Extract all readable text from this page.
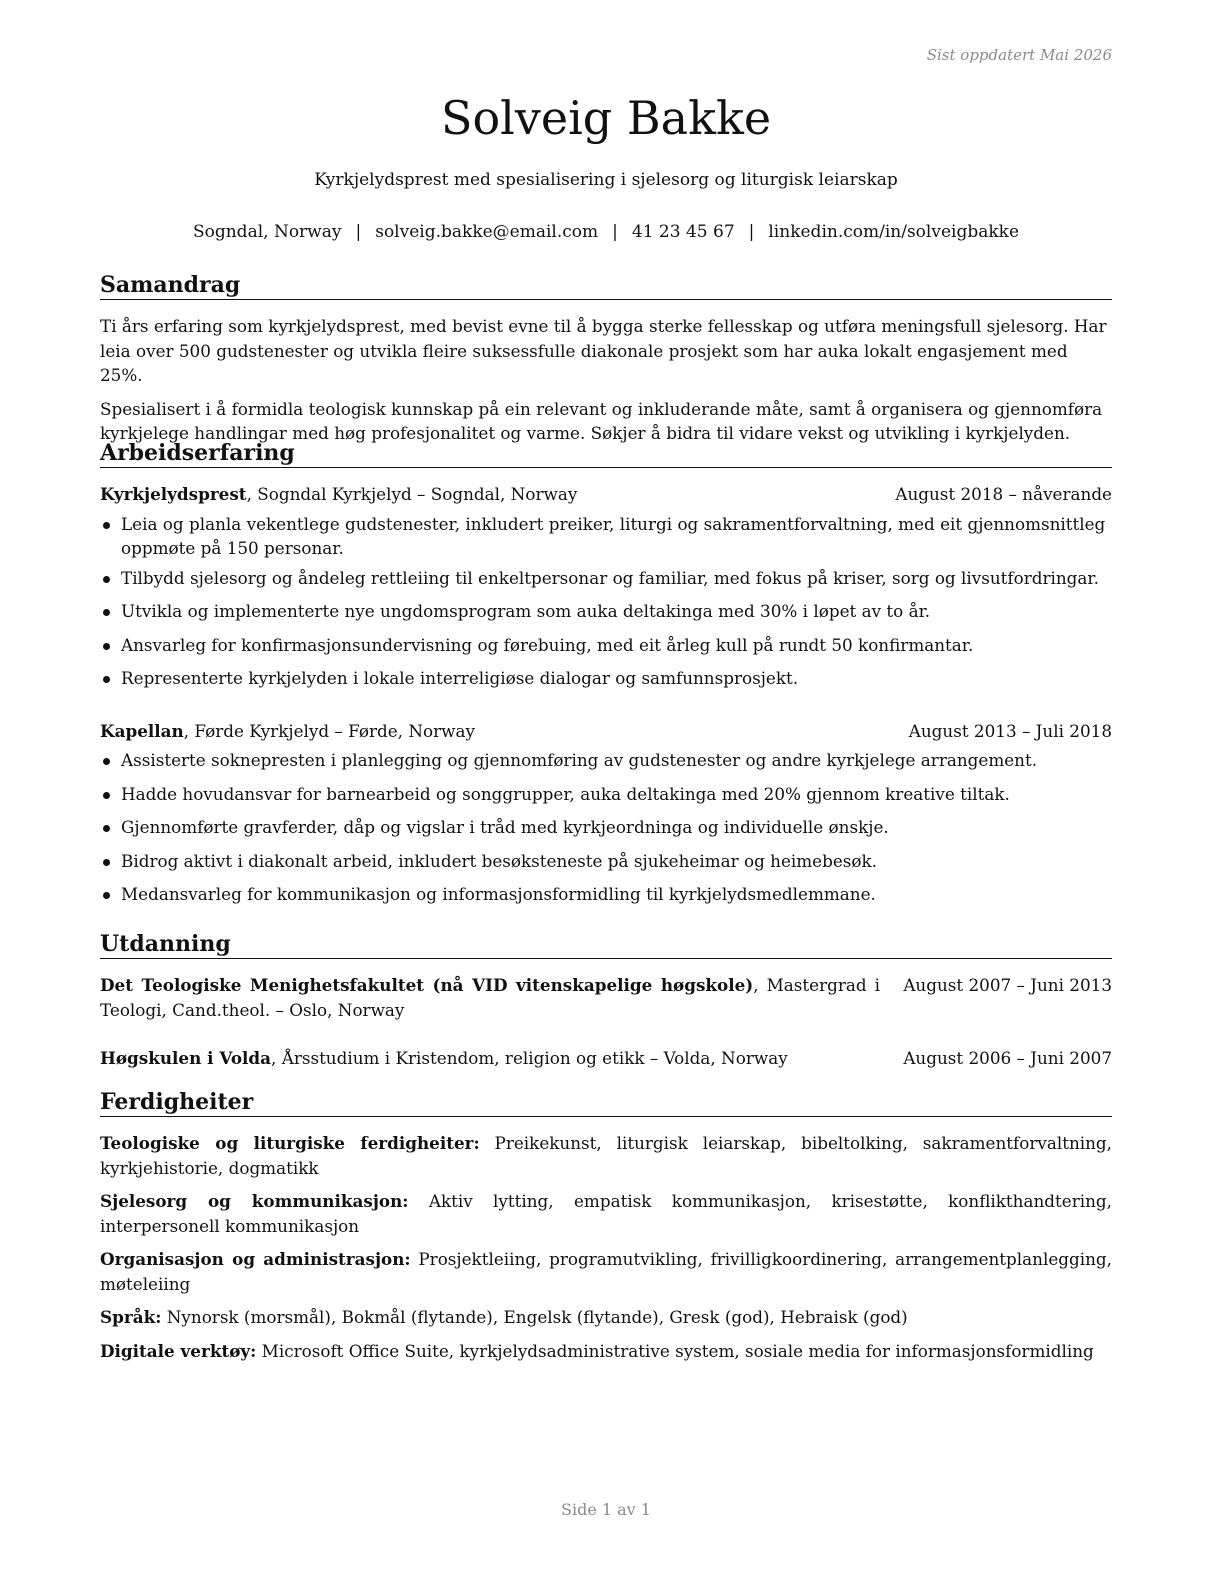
Sist oppdatert Mai 2026
Solveig Bakke
Kyrkjelydsprest med spesialisering i sjelesorg og liturgisk leiarskap
Sogndal, Norway | solveig.bakke@email.com | 41 23 45 67 | linkedin.com/in/solveigbakke
Samandrag

Ti års erfaring som kyrkjelydsprest, med bevist evne til å bygga sterke fellesskap og utføra meningsfull sjelesorg. Har leia over 500 gudstenester og utvikla fleire suksessfulle diakonale prosjekt som har auka lokalt engasjement med 25%.

Spesialisert i å formidla teologisk kunnskap på ein relevant og inkluderande måte, samt å organisera og gjennomføra kyrkjelege handlingar med høg profesjonalitet og varme. Søkjer å bidra til vidare vekst og utvikling i kyrkjelyden.

Arbeidserfaring
Kyrkjelydsprest, Sogndal Kyrkjelyd – Sogndal, Norway	August 2018 – nåverande
Leia og planla vekentlege gudstenester, inkludert preiker, liturgi og sakramentforvaltning, med eit gjennomsnittleg oppmøte på 150 personar.
Tilbydd sjelesorg og åndeleg rettleiing til enkeltpersonar og familiar, med fokus på kriser, sorg og livsutfordringar.
Utvikla og implementerte nye ungdomsprogram som auka deltakinga med 30% i løpet av to år.
Ansvarleg for konfirmasjonsundervisning og førebuing, med eit årleg kull på rundt 50 konfirmantar.
Representerte kyrkjelyden i lokale interreligiøse dialogar og samfunnsprosjekt.
Kapellan, Førde Kyrkjelyd – Førde, Norway	August 2013 – Juli 2018
Assisterte soknepresten i planlegging og gjennomføring av gudstenester og andre kyrkjelege arrangement.
Hadde hovudansvar for barnearbeid og songgrupper, auka deltakinga med 20% gjennom kreative tiltak.
Gjennomførte gravferder, dåp og vigslar i tråd med kyrkjeordninga og individuelle ønskje.
Bidrog aktivt i diakonalt arbeid, inkludert besøksteneste på sjukeheimar og heimebesøk.
Medansvarleg for kommunikasjon og informasjonsformidling til kyrkjelydsmedlemmane.
Utdanning
Det Teologiske Menighetsfakultet (nå VID vitenskapelige høgskole), Mastergrad i Teologi, Cand.theol. – Oslo, Norway
August 2007 – Juni 2013
Høgskulen i Volda, Årsstudium i Kristendom, religion og etikk – Volda, Norway	August 2006 – Juni 2007
Ferdigheiter

Teologiske og liturgiske ferdigheiter: Preikekunst, liturgisk leiarskap, bibeltolking, sakramentforvaltning, kyrkjehistorie, dogmatikk

Sjelesorg og kommunikasjon: Aktiv lytting, empatisk kommunikasjon, krisestøtte, konflikthandtering, interpersonell kommunikasjon

Organisasjon og administrasjon: Prosjektleiing, programutvikling, frivilligkoordinering, arrangementplanlegging, møteleiing

Språk: Nynorsk (morsmål), Bokmål (flytande), Engelsk (flytande), Gresk (god), Hebraisk (god)

Digitale verktøy: Microsoft Office Suite, kyrkjelydsadministrative system, sosiale media for informasjonsformidling

Side 1 av 1
